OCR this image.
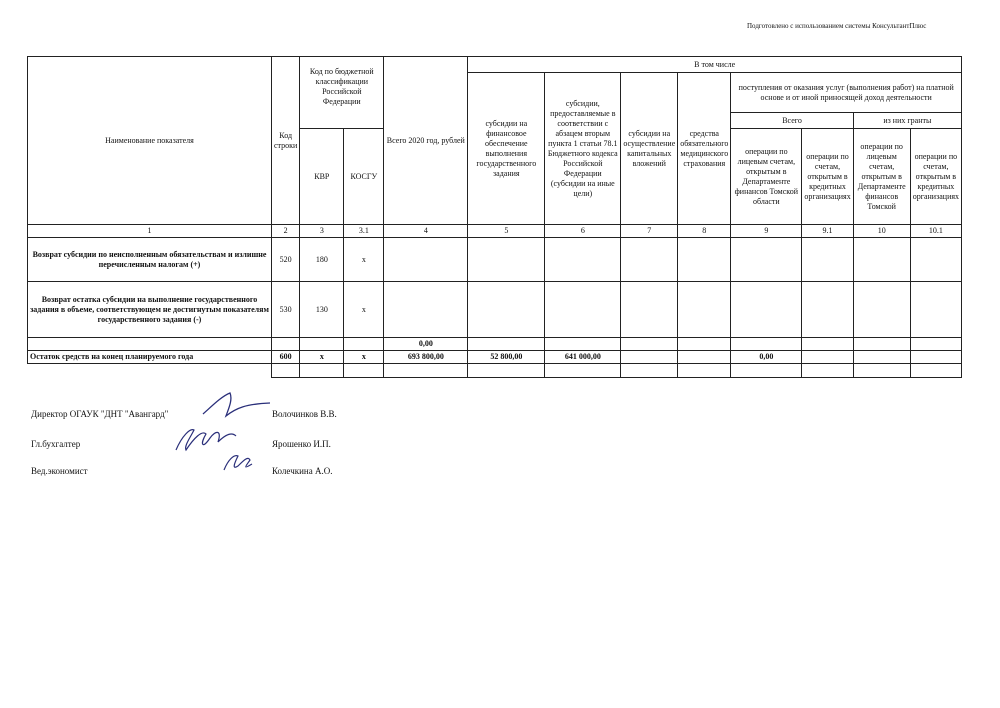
Подготовлено с использованием системы КонсультантПлюс
Наименование показателя	Код строки	Код по бюджетной классификации Российской Федерации		Всего 2020 год, рублей	В том числе							
					субсидии на финансовое обеспечение выполнения государственного задания	субсидии, предоставляемые в соответствии с абзацем вторым пункта 1 статьи 78.1 Бюджетного кодекса Российской Федерации (субсидии на иные цели)	субсидии на осуществление капитальных вложений	средства обязательного медицинского страхования	поступления от оказания услуг (выполнения работ) на платной основе и от иной приносящей доход деятельности			
									Всего		из них гранты	
		КВР	КОСГУ						операции по лицевым счетам, открытым в Департаменте финансов Томской области	операции по счетам, открытым в кредитных организациях	операции по лицевым счетам, открытым в Департаменте финансов Томской	операции по счетам, открытым в кредитных организациях
1	2	3	3.1	4	5	6	7	8	9	9.1	10	10.1
Возврат субсидии по неисполненным обязательствам и излишне перечисленным налогам (+)	520	180	x									
Возврат остатка субсидии на выполнение государственного задания в объеме, соответствующем не достигнутым показателям государственного задания (-)	530	130	x									
				0,00								
Остаток средств на конец планируемого года	600	x	x	693 800,00	52 800,00	641 000,00			0,00			

Директор ОГАУК "ДНТ "Авангард"	Волочинков В.В.
Гл.бухгалтер	Ярошенко И.П.
Вед.экономист	Колечкина А.О.
